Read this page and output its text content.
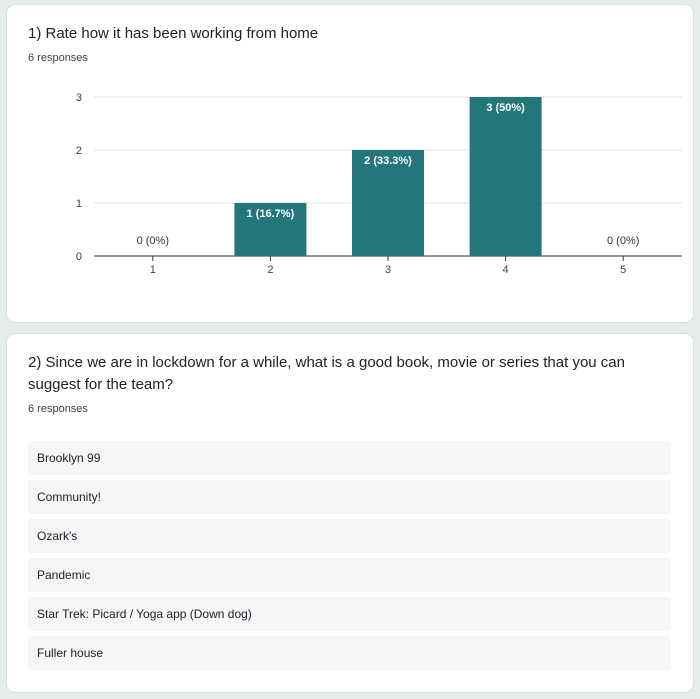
1) Rate how it has been working from home
6 responses
0
1
2
3
0 (0%)
1
1 (16.7%)
2
2 (33.3%)
3
3 (50%)
4
0 (0%)
5
2) Since we are in lockdown for a while, what is a good book, movie or series that you can suggest for the team?
6 responses
Brooklyn 99
Community!
Ozark's
Pandemic
Star Trek: Picard / Yoga app (Down dog)
Fuller house
